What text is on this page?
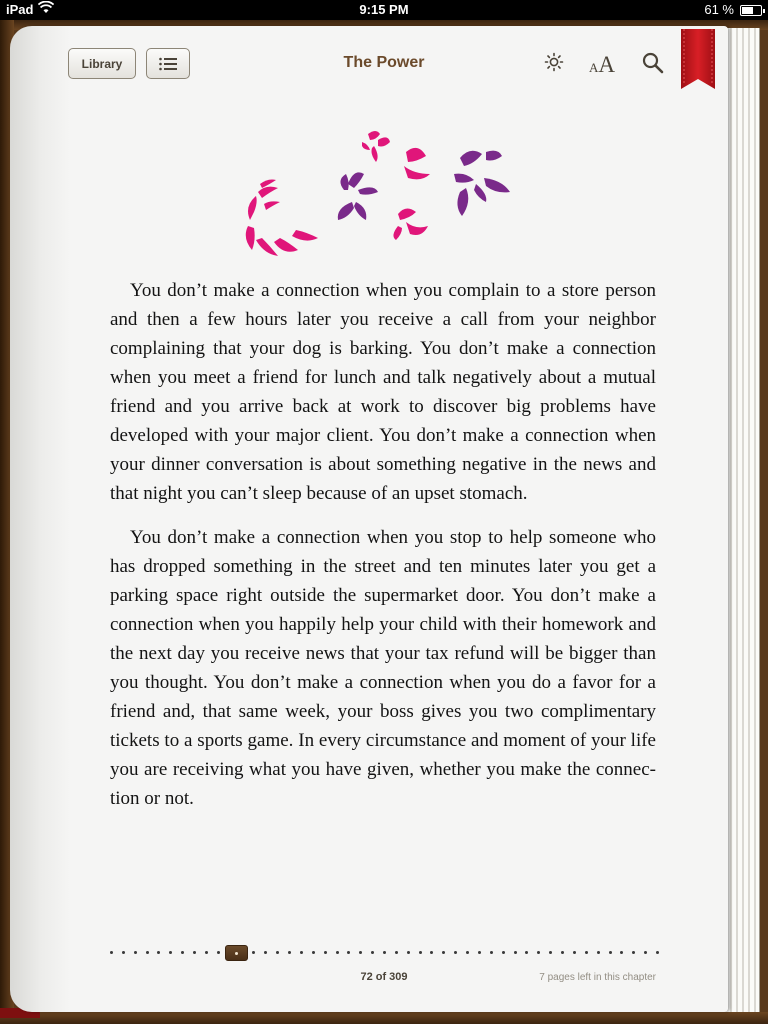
iPad	9:15 PM	61 %
Library	The Power	AA

You don’t make a connection when you complain to a store person and then a few hours later you receive a call from your neighbor complaining that your dog is barking. You don’t make a connection when you meet a friend for lunch and talk negatively about a mutual friend and you arrive back at work to discover big problems have developed with your major client. You don’t make a connection when your dinner conversation is about something negative in the news and that night you can’t sleep because of an upset stomach.

You don’t make a connection when you stop to help someone who has dropped something in the street and ten minutes later you get a parking space right outside the supermarket door. You don’t make a connection when you happily help your child with their homework and the next day you receive news that your tax refund will be bigger than you thought. You don’t make a connection when you do a favor for a friend and, that same week, your boss gives you two complimentary tickets to a sports game. In every circumstance and moment of your life you are receiving what you have given, whether you make the connection or not.

72 of 309	7 pages left in this chapter
